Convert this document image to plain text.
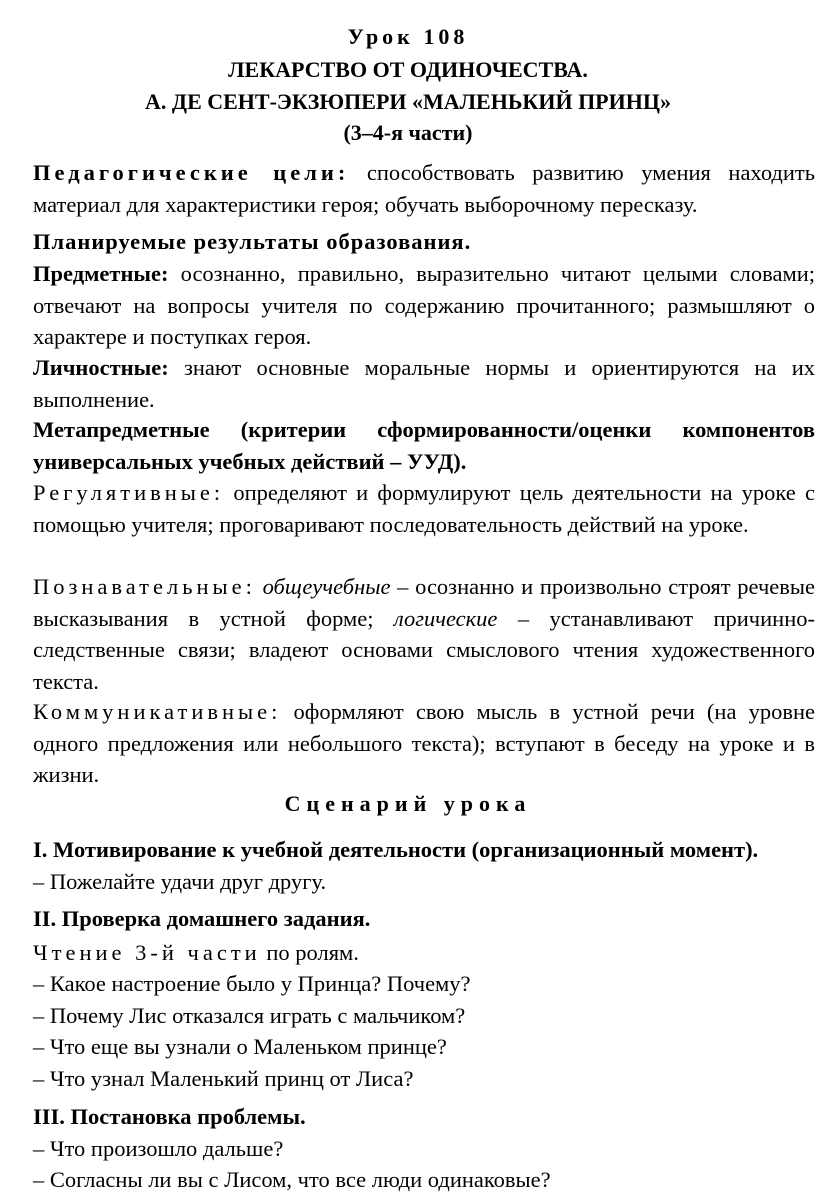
Урок 108
ЛЕКАРСТВО ОТ ОДИНОЧЕСТВА.
А. ДЕ СЕНТ-ЭКЗЮПЕРИ «МАЛЕНЬКИЙ ПРИНЦ»
(3–4-я части)
Педагогические цели: способствовать развитию умения находить материал для характеристики героя; обучать выборочному пересказу.
Планируемые результаты образования.
Предметные: осознанно, правильно, выразительно читают целыми словами; отвечают на вопросы учителя по содержанию прочитанного; размышляют о характере и поступках героя.
Личностные: знают основные моральные нормы и ориентируются на их выполнение.
Метапредметные (критерии сформированности/оценки компонентов универсальных учебных действий – УУД).
Регулятивные: определяют и формулируют цель деятельности на уроке с помощью учителя; проговаривают последовательность действий на уроке.
Познавательные: общеучебные – осознанно и произвольно строят речевые высказывания в устной форме; логические – устанавливают причинно-следственные связи; владеют основами смыслового чтения художественного текста.
Коммуникативные: оформляют свою мысль в устной речи (на уровне одного предложения или небольшого текста); вступают в беседу на уроке и в жизни.
Сценарий урока
I. Мотивирование к учебной деятельности (организационный момент).
– Пожелайте удачи друг другу.
II. Проверка домашнего задания.
Чтение 3-й части по ролям.
– Какое настроение было у Принца? Почему?
– Почему Лис отказался играть с мальчиком?
– Что еще вы узнали о Маленьком принце?
– Что узнал Маленький принц от Лиса?
III. Постановка проблемы.
– Что произошло дальше?
– Согласны ли вы с Лисом, что все люди одинаковые?
